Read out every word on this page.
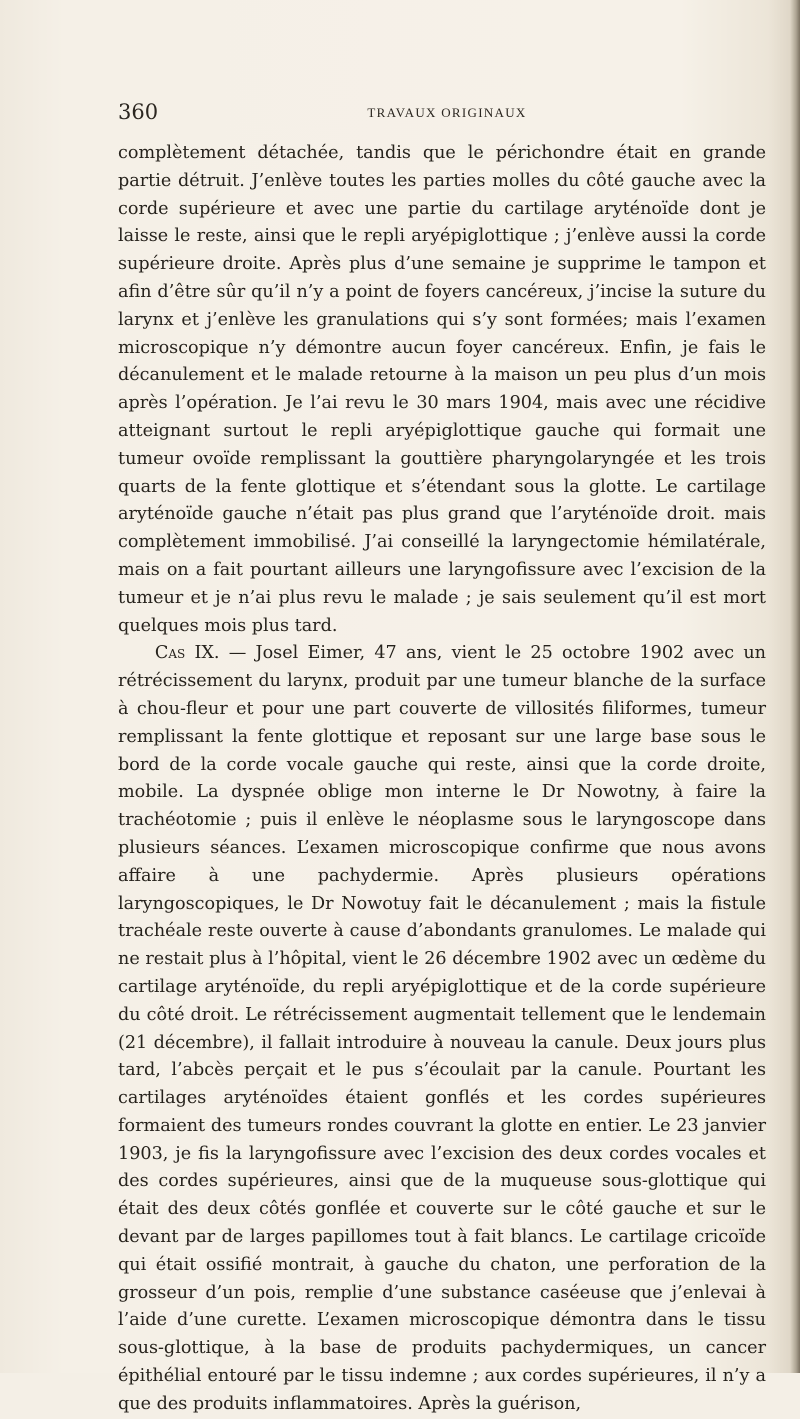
360	TRAVAUX ORIGINAUX

complètement détachée, tandis que le périchondre était en grande partie détruit. J’enlève toutes les parties molles du côté gauche avec la corde supérieure et avec une partie du cartilage aryténoïde dont je laisse le reste, ainsi que le repli aryépiglottique ; j’enlève aussi la corde supérieure droite. Après plus d’une semaine je supprime le tampon et afin d’être sûr qu’il n’y a point de foyers cancéreux, j’incise la suture du larynx et j’enlève les granulations qui s’y sont formées; mais l’examen microscopique n’y démontre aucun foyer cancéreux. Enfin, je fais le décanulement et le malade retourne à la maison un peu plus d’un mois après l’opération. Je l’ai revu le 30 mars 1904, mais avec une récidive atteignant surtout le repli aryépiglottique gauche qui formait une tumeur ovoïde remplissant la gouttière pharyngolaryngée et les trois quarts de la fente glottique et s’étendant sous la glotte. Le cartilage aryténoïde gauche n’était pas plus grand que l’aryténoïde droit. mais complètement immobilisé. J’ai conseillé la laryngectomie hémilatérale, mais on a fait pourtant ailleurs une laryngofissure avec l’excision de la tumeur et je n’ai plus revu le malade ; je sais seulement qu’il est mort quelques mois plus tard.

Cas IX. — Josel Eimer, 47 ans, vient le 25 octobre 1902 avec un rétrécissement du larynx, produit par une tumeur blanche de la surface à chou-fleur et pour une part couverte de villosités filiformes, tumeur remplissant la fente glottique et reposant sur une large base sous le bord de la corde vocale gauche qui reste, ainsi que la corde droite, mobile. La dyspnée oblige mon interne le Dr Nowotny, à faire la trachéotomie ; puis il enlève le néoplasme sous le laryngoscope dans plusieurs séances. L’examen microscopique confirme que nous avons affaire à une pachydermie. Après plusieurs opérations laryngoscopiques, le Dr Nowotuy fait le décanulement ; mais la fistule trachéale reste ouverte à cause d’abondants granulomes. Le malade qui ne restait plus à l’hôpital, vient le 26 décembre 1902 avec un œdème du cartilage aryténoïde, du repli aryépiglottique et de la corde supérieure du côté droit. Le rétrécissement augmentait tellement que le lendemain (21 décembre), il fallait introduire à nouveau la canule. Deux jours plus tard, l’abcès perçait et le pus s’écoulait par la canule. Pourtant les cartilages aryténoïdes étaient gonflés et les cordes supérieures formaient des tumeurs rondes couvrant la glotte en entier. Le 23 janvier 1903, je fis la laryngofissure avec l’excision des deux cordes vocales et des cordes supérieures, ainsi que de la muqueuse sous-glottique qui était des deux côtés gonflée et couverte sur le côté gauche et sur le devant par de larges papillomes tout à fait blancs. Le cartilage cricoïde qui était ossifié montrait, à gauche du chaton, une perforation de la grosseur d’un pois, remplie d’une substance caséeuse que j’enlevai à l’aide d’une curette. L’examen microscopique démontra dans le tissu sous-glottique, à la base de produits pachydermiques, un cancer épithélial entouré par le tissu indemne ; aux cordes supérieures, il n’y a que des produits inflammatoires. Après la guérison,
